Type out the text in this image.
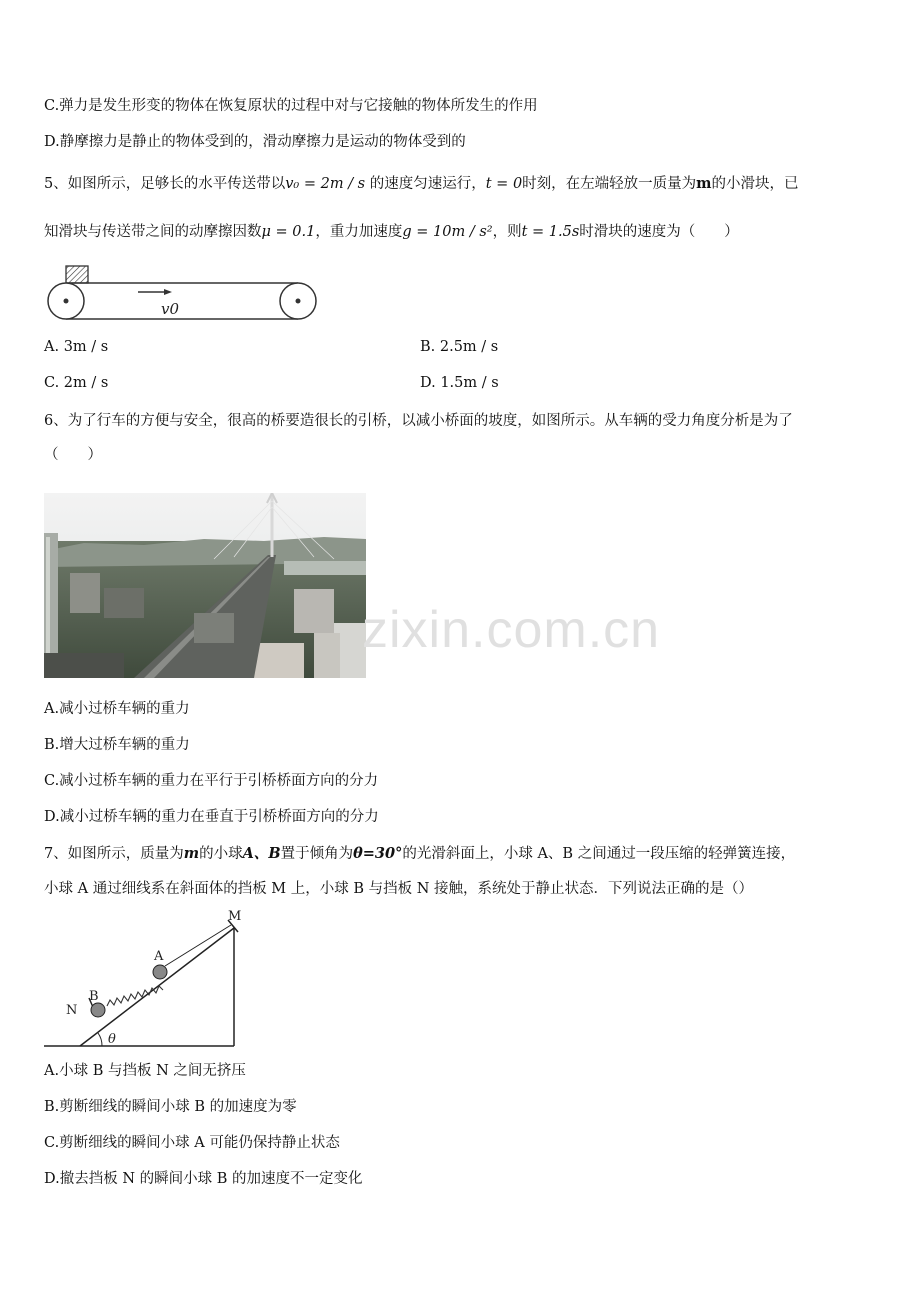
C.弹力是发生形变的物体在恢复原状的过程中对与它接触的物体所发生的作用
D.静摩擦力是静止的物体受到的，滑动摩擦力是运动的物体受到的
5、如图所示，足够长的水平传送带以v₀ = 2m / s 的速度匀速运行，t = 0时刻，在左端轻放一质量为m的小滑块，已
知滑块与传送带之间的动摩擦因数μ = 0.1，重力加速度g = 10m / s²，则t = 1.5s时滑块的速度为（　　）
v0
A. 3m / s	B. 2.5m / s
C. 2m / s	D. 1.5m / s
6、为了行车的方便与安全，很高的桥要造很长的引桥，以减小桥面的坡度，如图所示。从车辆的受力角度分析是为了
（　　）
zixin.com.cn
A.减小过桥车辆的重力
B.增大过桥车辆的重力
C.减小过桥车辆的重力在平行于引桥桥面方向的分力
D.减小过桥车辆的重力在垂直于引桥桥面方向的分力
7、如图所示，质量为m的小球A、B置于倾角为θ=30°的光滑斜面上，小球 A、B 之间通过一段压缩的轻弹簧连接，
小球 A 通过细线系在斜面体的挡板 M 上，小球 B 与挡板 N 接触，系统处于静止状态．下列说法正确的是（）
M
A
B
N
θ
A.小球 B 与挡板 N 之间无挤压
B.剪断细线的瞬间小球 B 的加速度为零
C.剪断细线的瞬间小球 A 可能仍保持静止状态
D.撤去挡板 N 的瞬间小球 B 的加速度不一定变化
